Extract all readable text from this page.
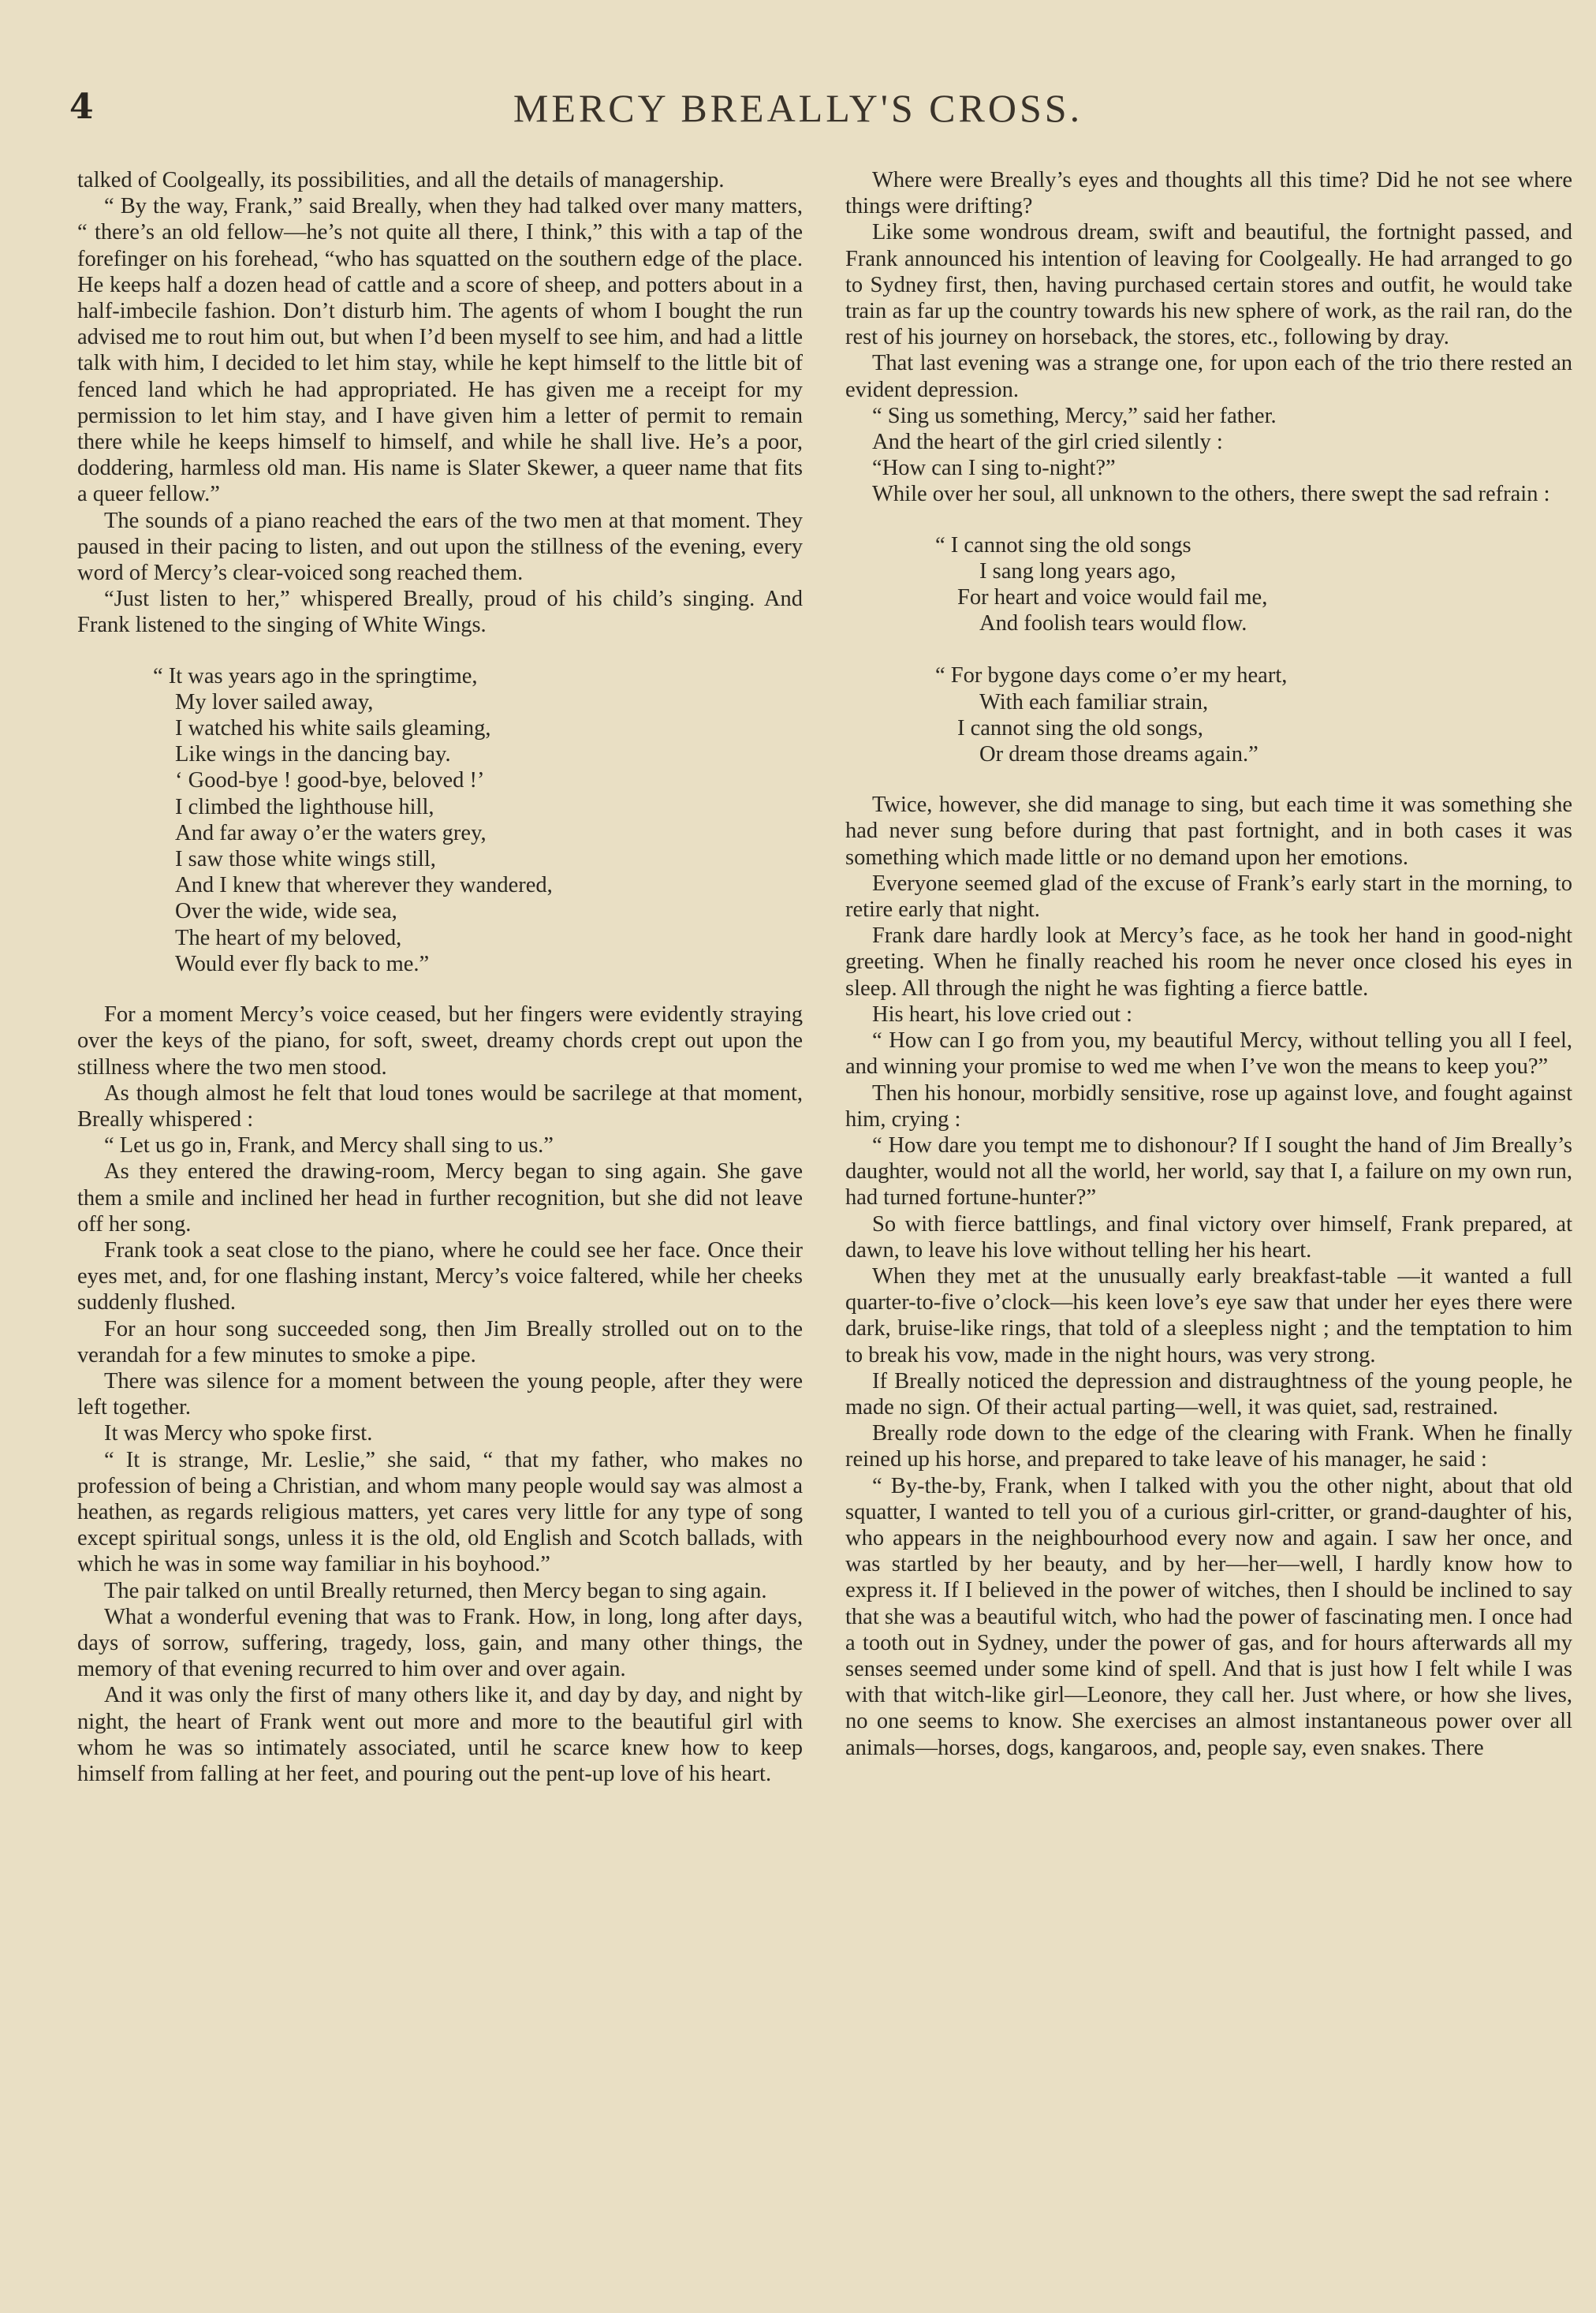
4	MERCY BREALLY'S CROSS.

talked of Coolgeally, its possibilities, and all the details of managership.

“ By the way, Frank,” said Breally, when they had talked over many matters, “ there’s an old fellow—he’s not quite all there, I think,” this with a tap of the forefinger on his forehead, “who has squatted on the southern edge of the place. He keeps half a dozen head of cattle and a score of sheep, and potters about in a half-imbecile fashion. Don’t disturb him. The agents of whom I bought the run advised me to rout him out, but when I’d been myself to see him, and had a little talk with him, I decided to let him stay, while he kept himself to the little bit of fenced land which he had appropriated. He has given me a receipt for my permission to let him stay, and I have given him a letter of permit to remain there while he keeps himself to himself, and while he shall live. He’s a poor, doddering, harmless old man. His name is Slater Skewer, a queer name that fits a queer fellow.”

The sounds of a piano reached the ears of the two men at that moment. They paused in their pacing to listen, and out upon the stillness of the evening, every word of Mercy’s clear-voiced song reached them.

“Just listen to her,” whispered Breally, proud of his child’s singing. And Frank listened to the singing of White Wings.

“ It was years ago in the springtime,
My lover sailed away,
I watched his white sails gleaming,
Like wings in the dancing bay.
‘ Good-bye ! good-bye, beloved !’
I climbed the lighthouse hill,
And far away o’er the waters grey,
I saw those white wings still,
And I knew that wherever they wandered,
Over the wide, wide sea,
The heart of my beloved,
Would ever fly back to me.”

For a moment Mercy’s voice ceased, but her fingers were evidently straying over the keys of the piano, for soft, sweet, dreamy chords crept out upon the stillness where the two men stood.

As though almost he felt that loud tones would be sacrilege at that moment, Breally whispered :

“ Let us go in, Frank, and Mercy shall sing to us.”

As they entered the drawing-room, Mercy began to sing again. She gave them a smile and inclined her head in further recognition, but she did not leave off her song.

Frank took a seat close to the piano, where he could see her face. Once their eyes met, and, for one flashing instant, Mercy’s voice faltered, while her cheeks suddenly flushed.

For an hour song succeeded song, then Jim Breally strolled out on to the verandah for a few minutes to smoke a pipe.

There was silence for a moment between the young people, after they were left together.

It was Mercy who spoke first.

“ It is strange, Mr. Leslie,” she said, “ that my father, who makes no profession of being a Christian, and whom many people would say was almost a heathen, as regards religious matters, yet cares very little for any type of song except spiritual songs, unless it is the old, old English and Scotch ballads, with which he was in some way familiar in his boyhood.”

The pair talked on until Breally returned, then Mercy began to sing again.

What a wonderful evening that was to Frank. How, in long, long after days, days of sorrow, suffering, tragedy, loss, gain, and many other things, the memory of that evening recurred to him over and over again.

And it was only the first of many others like it, and day by day, and night by night, the heart of Frank went out more and more to the beautiful girl with whom he was so intimately associated, until he scarce knew how to keep himself from falling at her feet, and pouring out the pent-up love of his heart.

Where were Breally’s eyes and thoughts all this time? Did he not see where things were drifting?

Like some wondrous dream, swift and beautiful, the fortnight passed, and Frank announced his intention of leaving for Coolgeally. He had arranged to go to Sydney first, then, having purchased certain stores and outfit, he would take train as far up the country towards his new sphere of work, as the rail ran, do the rest of his journey on horseback, the stores, etc., following by dray.

That last evening was a strange one, for upon each of the trio there rested an evident depression.

“ Sing us something, Mercy,” said her father.

And the heart of the girl cried silently :

“How can I sing to-night?”

While over her soul, all unknown to the others, there swept the sad refrain :

“ I cannot sing the old songs
I sang long years ago,
For heart and voice would fail me,
And foolish tears would flow.
“ For bygone days come o’er my heart,
With each familiar strain,
I cannot sing the old songs,
Or dream those dreams again.”

Twice, however, she did manage to sing, but each time it was something she had never sung before during that past fortnight, and in both cases it was something which made little or no demand upon her emotions.

Everyone seemed glad of the excuse of Frank’s early start in the morning, to retire early that night.

Frank dare hardly look at Mercy’s face, as he took her hand in good-night greeting. When he finally reached his room he never once closed his eyes in sleep. All through the night he was fighting a fierce battle.

His heart, his love cried out :

“ How can I go from you, my beautiful Mercy, without telling you all I feel, and winning your promise to wed me when I’ve won the means to keep you?”

Then his honour, morbidly sensitive, rose up against love, and fought against him, crying :

“ How dare you tempt me to dishonour? If I sought the hand of Jim Breally’s daughter, would not all the world, her world, say that I, a failure on my own run, had turned fortune-hunter?”

So with fierce battlings, and final victory over himself, Frank prepared, at dawn, to leave his love without telling her his heart.

When they met at the unusually early breakfast-table —it wanted a full quarter-to-five o’clock—his keen love’s eye saw that under her eyes there were dark, bruise-like rings, that told of a sleepless night ; and the temptation to him to break his vow, made in the night hours, was very strong.

If Breally noticed the depression and distraughtness of the young people, he made no sign. Of their actual parting—well, it was quiet, sad, restrained.

Breally rode down to the edge of the clearing with Frank. When he finally reined up his horse, and prepared to take leave of his manager, he said :

“ By-the-by, Frank, when I talked with you the other night, about that old squatter, I wanted to tell you of a curious girl-critter, or grand-daughter of his, who appears in the neighbourhood every now and again. I saw her once, and was startled by her beauty, and by her—her—well, I hardly know how to express it. If I believed in the power of witches, then I should be inclined to say that she was a beautiful witch, who had the power of fascinating men. I once had a tooth out in Sydney, under the power of gas, and for hours afterwards all my senses seemed under some kind of spell. And that is just how I felt while I was with that witch-like girl—Leonore, they call her. Just where, or how she lives, no one seems to know. She exercises an almost instantaneous power over all animals—horses, dogs, kangaroos, and, people say, even snakes. There
